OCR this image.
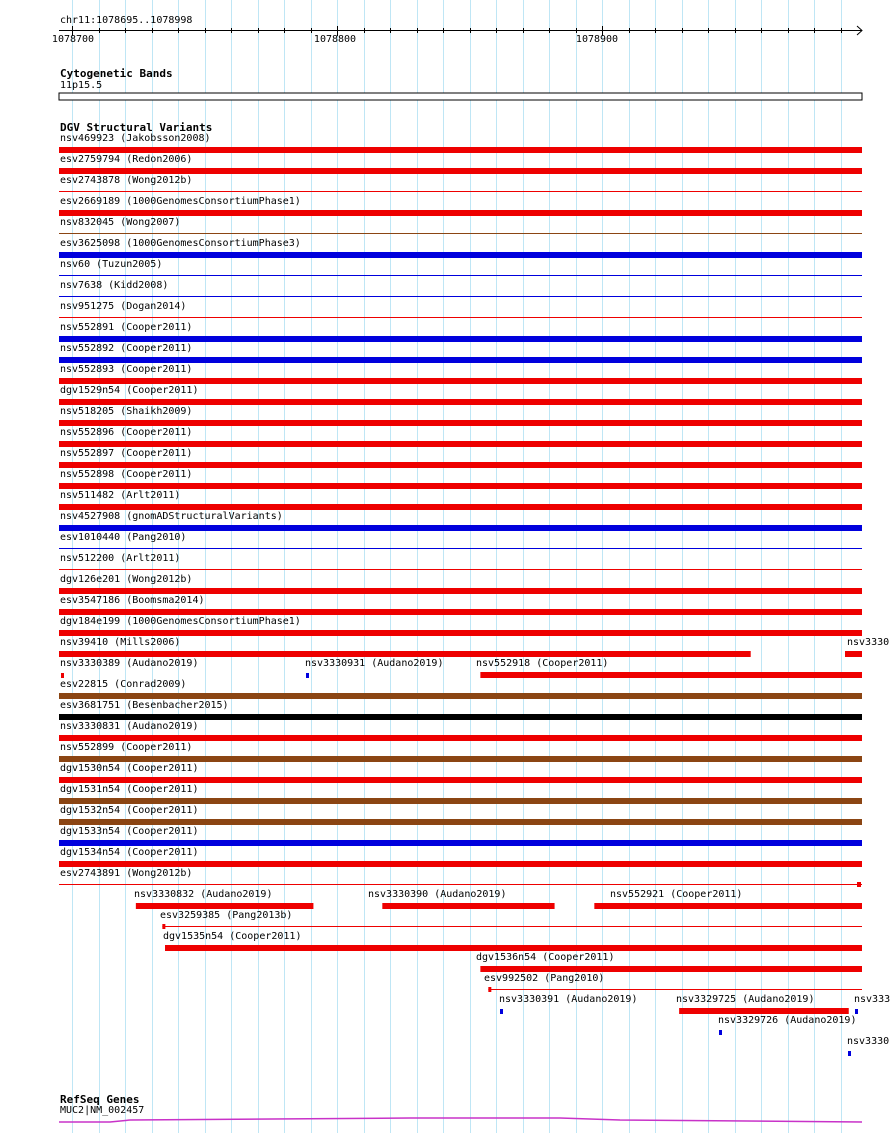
chr11:1078695..1078998
1078700	1078800	1078900
Cytogenetic Bands
11p15.5
DGV Structural Variants
RefSeq Genes
MUC2|NM_002457
nsv469923 (Jakobsson2008)
esv2759794 (Redon2006)
esv2743878 (Wong2012b)
esv2669189 (1000GenomesConsortiumPhase1)
nsv832045 (Wong2007)
esv3625098 (1000GenomesConsortiumPhase3)
nsv60 (Tuzun2005)
nsv7638 (Kidd2008)
nsv951275 (Dogan2014)
nsv552891 (Cooper2011)
nsv552892 (Cooper2011)
nsv552893 (Cooper2011)
dgv1529n54 (Cooper2011)
nsv518205 (Shaikh2009)
nsv552896 (Cooper2011)
nsv552897 (Cooper2011)
nsv552898 (Cooper2011)
nsv511482 (Arlt2011)
nsv4527908 (gnomADStructuralVariants)
esv1010440 (Pang2010)
nsv512200 (Arlt2011)
dgv126e201 (Wong2012b)
esv3547186 (Boomsma2014)
dgv184e199 (1000GenomesConsortiumPhase1)
nsv39410 (Mills2006)
esv22815 (Conrad2009)
esv3681751 (Besenbacher2015)
nsv3330831 (Audano2019)
nsv552899 (Cooper2011)
dgv1530n54 (Cooper2011)
dgv1531n54 (Cooper2011)
dgv1532n54 (Cooper2011)
dgv1533n54 (Cooper2011)
dgv1534n54 (Cooper2011)
esv2743891 (Wong2012b)
nsv3330832 (Audano2019)	nsv3330390 (Audano2019)	nsv552921 (Cooper2011)
esv3259385 (Pang2013b)
dgv1535n54 (Cooper2011)
dgv1536n54 (Cooper2011)
esv992502 (Pang2010)
nsv552918 (Cooper2011)
nsv3330389 (Audano2019)	nsv3330931 (Audano2019)
nsv3330391 (Audano2019)	nsv3329725 (Audano2019)
nsv3329726 (Audano2019)
nsv3330
nsv333
nsv3330
